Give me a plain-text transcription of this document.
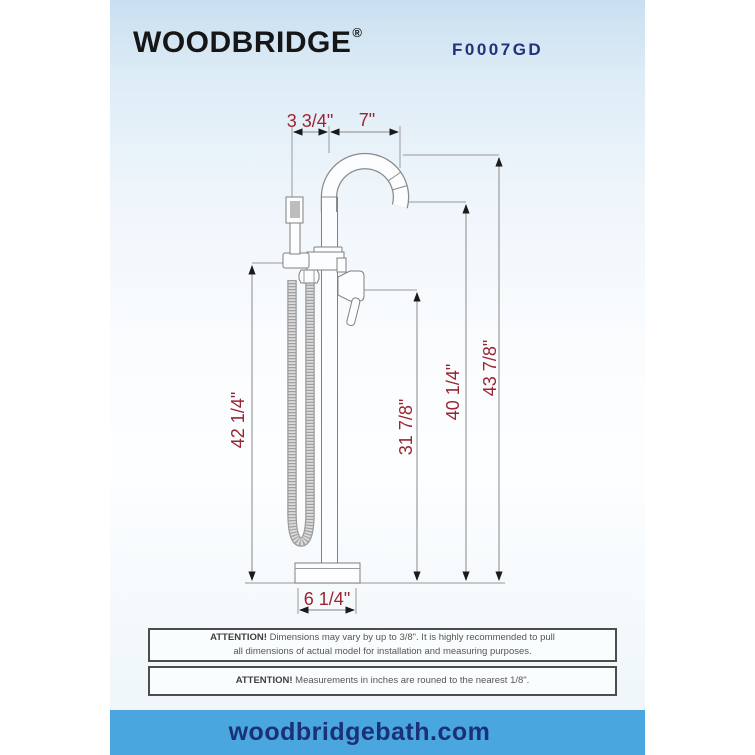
WOODBRIDGE®
F0007GD
3 3/4"	7"
42 1/4"	31 7/8"
40 1/4" 43 7/8"
6 1/4"

ATTENTION! Dimensions may vary by up to 3/8". It is highly recommended to pull
all dimensions of actual model for installation and measuring purposes.

ATTENTION! Measurements in inches are rouned to the nearest 1/8".

woodbridgebath.com
